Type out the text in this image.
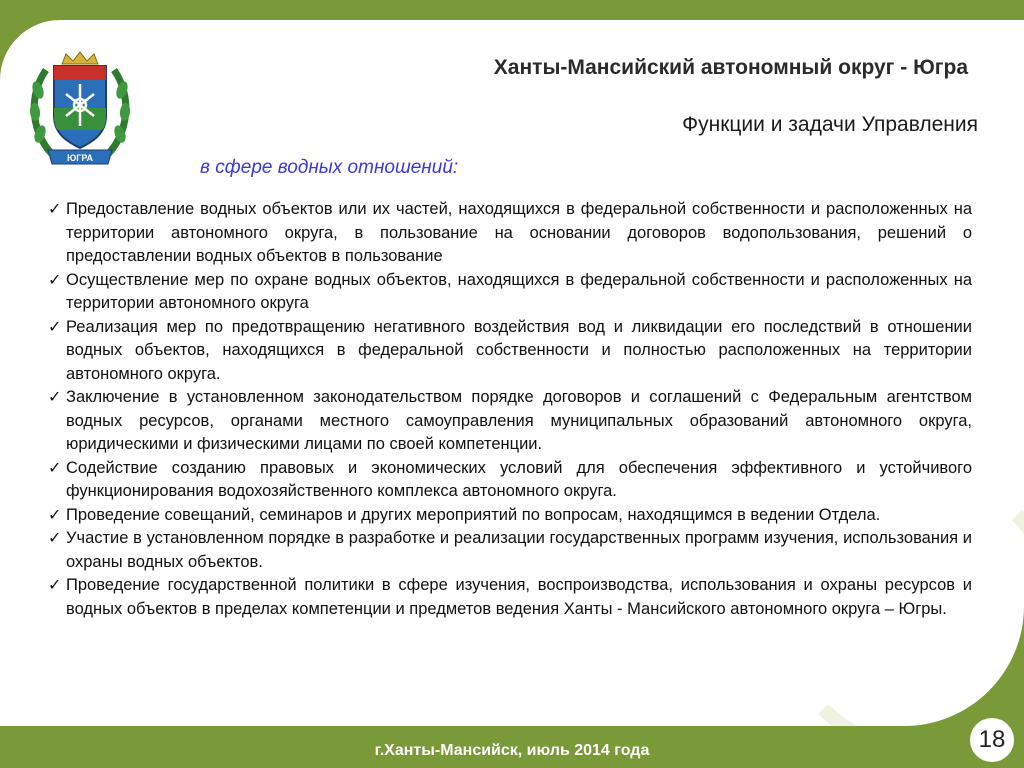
ЮГРА
Ханты-Мансийский автономный округ - Югра
Функции и задачи Управления
в сфере водных отношений:
✓ Предоставление водных объектов или их частей, находящихся в федеральной собственности и расположенных на территории автономного округа, в пользование на основании договоров водопользования, решений о предоставлении водных объектов в пользование
✓ Осуществление мер по охране водных объектов, находящихся в федеральной собственности и расположенных на территории автономного округа
✓ Реализация мер по предотвращению негативного воздействия вод и ликвидации его последствий в отношении водных объектов, находящихся в федеральной собственности и полностью расположенных на территории автономного округа.
✓ Заключение в установленном законодательством порядке договоров и соглашений с Федеральным агентством водных ресурсов, органами местного самоуправления муниципальных образований автономного округа, юридическими и физическими лицами по своей компетенции.
✓ Содействие созданию правовых и экономических условий для обеспечения эффективного и устойчивого функционирования водохозяйственного комплекса автономного округа.
✓ Проведение совещаний, семинаров и других мероприятий по вопросам, находящимся в ведении Отдела.
✓ Участие в установленном порядке в разработке и реализации государственных программ изучения, использования и охраны водных объектов.
✓ Проведение государственной политики в сфере изучения, воспроизводства, использования и охраны ресурсов и водных объектов в пределах компетенции и предметов ведения Ханты - Мансийского автономного округа – Югры.
г.Ханты-Мансийск, июль 2014 года	18
